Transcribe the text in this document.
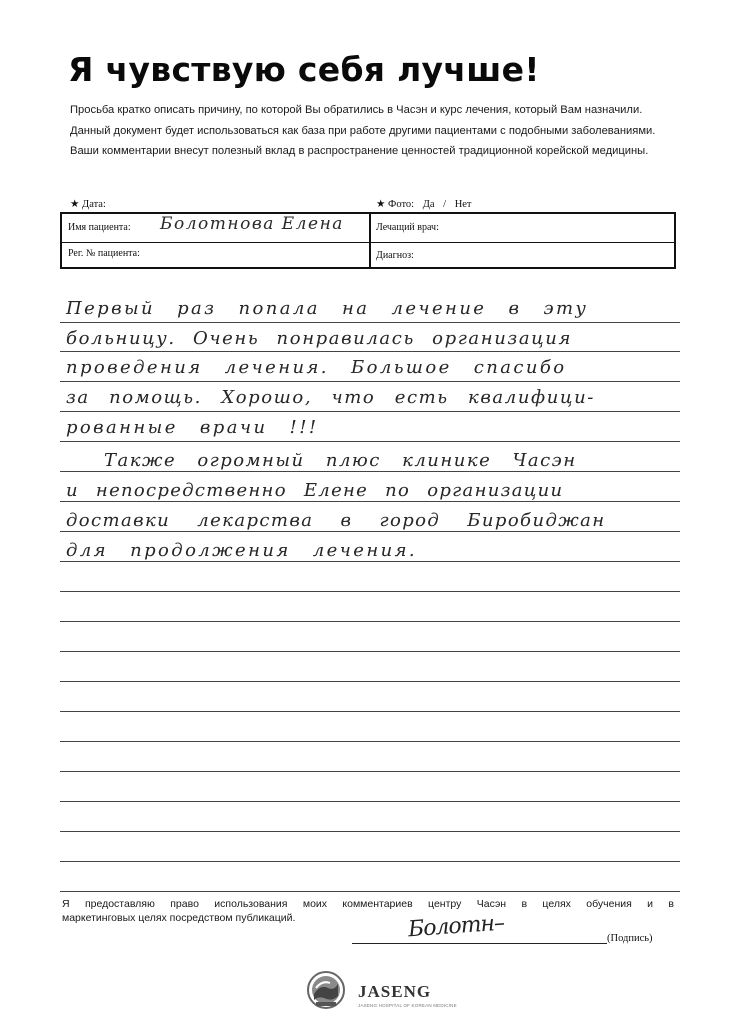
Я чувствую себя лучше!
Просьба кратко описать причину, по которой Вы обратились в Часэн и курс лечения, который Вам назначили.
Данный документ будет использоваться как база при работе другими пациентами с подобными заболеваниями.
Ваши комментарии внесут полезный вклад в распространение ценностей традиционной корейской медицины.
★ Дата:	★ Фото: Да / Нет
Имя пациента:	Лечащий врач:
Рег. № пациента:	Диагноз:
Болотнова Елена
Первый раз попала на лечение в эту
больницу. Очень понравилась организация
проведения лечения. Большое спасибо
за помощь. Хорошо, что есть квалифици-
рованные врачи !!!
Также огромный плюс клинике Часэн
и непосредственно Елене по организации
доставки лекарства в город Биробиджан
для продолжения лечения.
Я предоставляю право использования моих комментариев центру Часэн в целях обучения и в
маркетинговых целях посредством публикаций.	Болотн–	(Подпись)
JASENG
JASENG HOSPITAL OF KOREAN MEDICINE
